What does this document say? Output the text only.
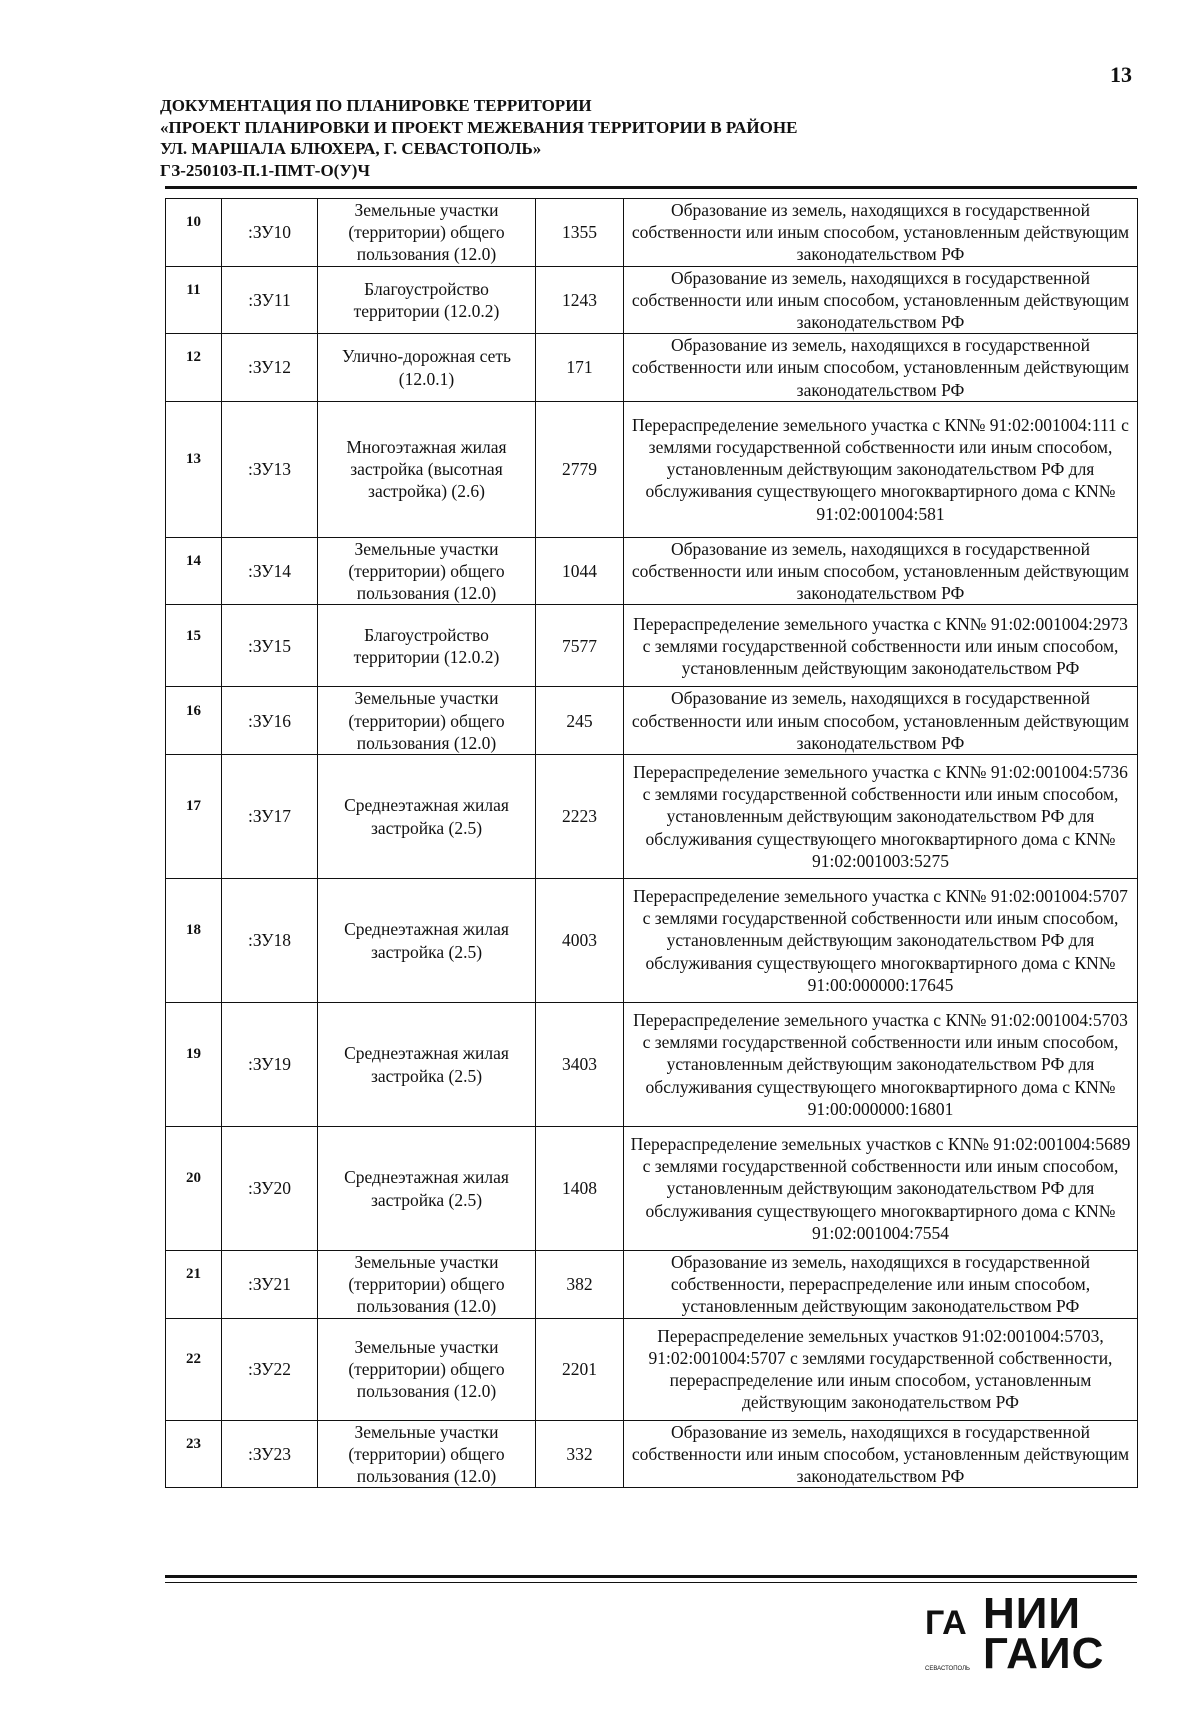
13
ДОКУМЕНТАЦИЯ ПО ПЛАНИРОВКЕ ТЕРРИТОРИИ
«ПРОЕКТ ПЛАНИРОВКИ И ПРОЕКТ МЕЖЕВАНИЯ ТЕРРИТОРИИ В РАЙОНЕ
УЛ. МАРШАЛА БЛЮХЕРА, Г. СЕВАСТОПОЛЬ»
ГЗ-250103-П.1-ПМТ-О(У)Ч
10	:ЗУ10	Земельные участки (территории) общего пользования (12.0)	1355	Образование из земель, находящихся в государственной собственности или иным способом, установленным действующим законодательством РФ
11	:ЗУ11	Благоустройство территории (12.0.2)	1243	Образование из земель, находящихся в государственной собственности или иным способом, установленным действующим законодательством РФ
12	:ЗУ12	Улично-дорожная сеть (12.0.1)	171	Образование из земель, находящихся в государственной собственности или иным способом, установленным действующим законодательством РФ
13	:ЗУ13	Многоэтажная жилая застройка (высотная застройка) (2.6)	2779	Перераспределение земельного участка с КN№ 91:02:001004:111 с землями государственной собственности или иным способом, установленным действующим законодательством РФ для обслуживания существующего многоквартирного дома с КN№ 91:02:001004:581
14	:ЗУ14	Земельные участки (территории) общего пользования (12.0)	1044	Образование из земель, находящихся в государственной собственности или иным способом, установленным действующим законодательством РФ
15	:ЗУ15	Благоустройство территории (12.0.2)	7577	Перераспределение земельного участка с КN№ 91:02:001004:2973 с землями государственной собственности или иным способом, установленным действующим законодательством РФ
16	:ЗУ16	Земельные участки (территории) общего пользования (12.0)	245	Образование из земель, находящихся в государственной собственности или иным способом, установленным действующим законодательством РФ
17	:ЗУ17	Среднеэтажная жилая застройка (2.5)	2223	Перераспределение земельного участка с КN№ 91:02:001004:5736 с землями государственной собственности или иным способом, установленным действующим законодательством РФ для обслуживания существующего многоквартирного дома с КN№ 91:02:001003:5275
18	:ЗУ18	Среднеэтажная жилая застройка (2.5)	4003	Перераспределение земельного участка с КN№ 91:02:001004:5707 с землями государственной собственности или иным способом, установленным действующим законодательством РФ для обслуживания существующего многоквартирного дома с КN№ 91:00:000000:17645
19	:ЗУ19	Среднеэтажная жилая застройка (2.5)	3403	Перераспределение земельного участка с КN№ 91:02:001004:5703 с землями государственной собственности или иным способом, установленным действующим законодательством РФ для обслуживания существующего многоквартирного дома с КN№ 91:00:000000:16801
20	:ЗУ20	Среднеэтажная жилая застройка (2.5)	1408	Перераспределение земельных участков с КN№ 91:02:001004:5689 с землями государственной собственности или иным способом, установленным действующим законодательством РФ для обслуживания существующего многоквартирного дома с КN№ 91:02:001004:7554
21	:ЗУ21	Земельные участки (территории) общего пользования (12.0)	382	Образование из земель, находящихся в государственной собственности, перераспределение или иным способом, установленным действующим законодательством РФ
22	:ЗУ22	Земельные участки (территории) общего пользования (12.0)	2201	Перераспределение земельных участков 91:02:001004:5703, 91:02:001004:5707 с землями государственной собственности, перераспределение или иным способом, установленным действующим законодательством РФ
23	:ЗУ23	Земельные участки (территории) общего пользования (12.0)	332	Образование из земель, находящихся в государственной собственности или иным способом, установленным действующим законодательством РФ
ГА
СЕВАСТОПОЛЬ
НИИ
ГАИС
